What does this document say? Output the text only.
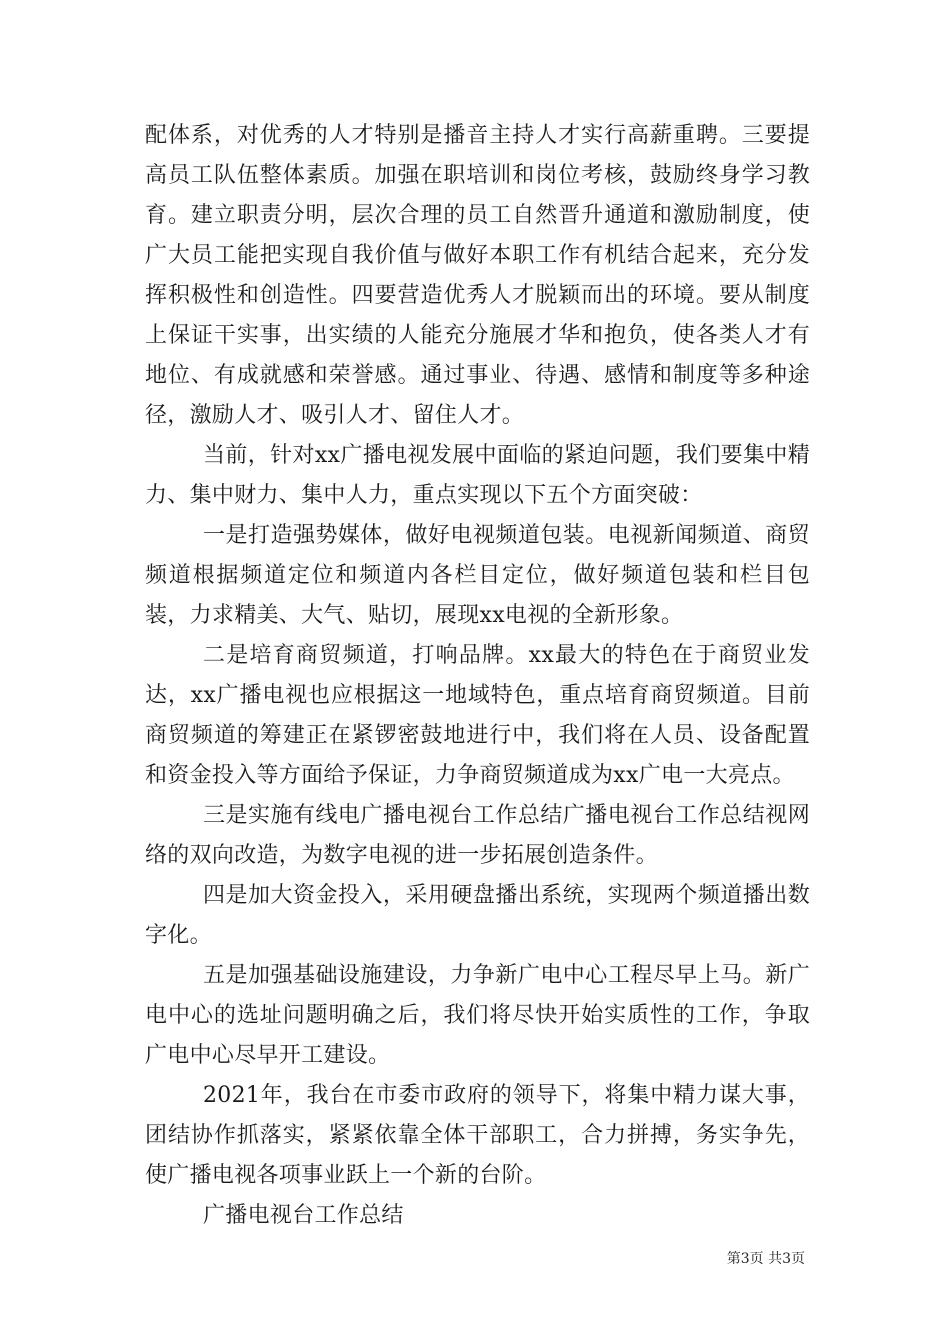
配体系，对优秀的人才特别是播音主持人才实行高薪重聘。三要提高员工队伍整体素质。加强在职培训和岗位考核，鼓励终身学习教育。建立职责分明，层次合理的员工自然晋升通道和激励制度，使广大员工能把实现自我价值与做好本职工作有机结合起来，充分发挥积极性和创造性。四要营造优秀人才脱颖而出的环境。要从制度上保证干实事，出实绩的人能充分施展才华和抱负，使各类人才有地位、有成就感和荣誉感。通过事业、待遇、感情和制度等多种途径，激励人才、吸引人才、留住人才。

当前，针对xx广播电视发展中面临的紧迫问题，我们要集中精力、集中财力、集中人力，重点实现以下五个方面突破：

一是打造强势媒体，做好电视频道包装。电视新闻频道、商贸频道根据频道定位和频道内各栏目定位，做好频道包装和栏目包装，力求精美、大气、贴切，展现xx电视的全新形象。

二是培育商贸频道，打响品牌。xx最大的特色在于商贸业发达，xx广播电视也应根据这一地域特色，重点培育商贸频道。目前商贸频道的筹建正在紧锣密鼓地进行中，我们将在人员、设备配置和资金投入等方面给予保证，力争商贸频道成为xx广电一大亮点。

三是实施有线电广播电视台工作总结广播电视台工作总结视网络的双向改造，为数字电视的进一步拓展创造条件。

四是加大资金投入，采用硬盘播出系统，实现两个频道播出数字化。

五是加强基础设施建设，力争新广电中心工程尽早上马。新广电中心的选址问题明确之后，我们将尽快开始实质性的工作，争取广电中心尽早开工建设。

2021年，我台在市委市政府的领导下，将集中精力谋大事，团结协作抓落实，紧紧依靠全体干部职工，合力拼搏，务实争先，使广播电视各项事业跃上一个新的台阶。

广播电视台工作总结

第3页 共3页
